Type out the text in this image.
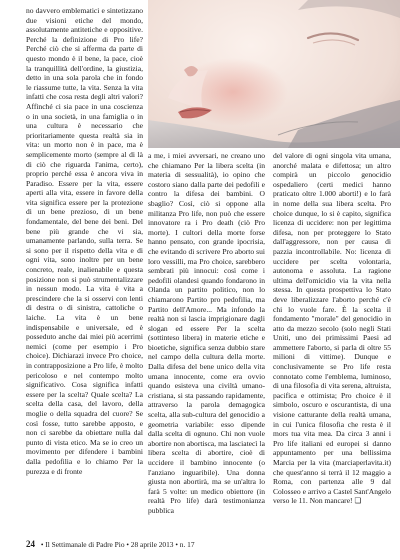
no davvero emblematici e sintetizzano due visioni etiche del mondo, assolutamente antitetiche e oppositive. Perché la definizione di Pro life? Perché ciò che si afferma da parte di questo mondo è il bene, la pace, cioè la tranquillità dell'ordine, la giustizia, detto in una sola parola che in fondo le riassume tutte, la vita. Senza la vita infatti che cosa resta degli altri valori? Affinché ci sia pace in una coscienza o in una società, in una famiglia o in una cultura è necessario che prioritariamente questa realtà sia in vita: un morto non è in pace, ma è semplicemente morto (sempre al di là di ciò che riguarda l'anima, certo), proprio perché essa è ancora viva in Paradiso. Essere per la vita, essere aperti alla vita, essere in favore della vita significa essere per la protezione di un bene prezioso, di un bene fondamentale, del bene dei beni. Del bene più grande che vi sia, umanamente parlando, sulla terra. Se si sono per il rispetto della vita e di ogni vita, sono inoltre per un bene concreto, reale, inalienabile e questa posizione non si può strumentalizzare in nessun modo. La vita è vita a prescindere che la si osservi con lenti di destra o di sinistra, cattoliche o laiche. La vita è un bene indispensabile e universale, ed è posseduto anche dai miei più acerrimi nemici (come per esempio i Pro choice). Dichiarazi invece Pro choice, in contrapposizione a Pro life, è molto pericoloso e nel contempo molto significativo. Cosa significa infatti essere per la scelta? Quale scelta? La scelta della casa, del lavoro, della moglie o della squadra del cuore? Se così fosse, tutto sarebbe apposto, e non ci sarebbe da obiettare nulla dal punto di vista etico. Ma se io creo un movimento per difendere i bambini dalla pedofilia e lo chiamo Per la purezza e di fronte

a me, i miei avversari, ne creano uno che chiamano Per la libera scelta (in materia di sessualità), io opino che costoro siano dalla parte dei pedofili e contro la difesa dei bambini. O sbaglio? Così, ciò si oppone alla militanza Pro life, non può che essere innovatore ra i Pro death (ciò Pro morte). I cultori della morte forse hanno pensato, con grande ipocrisia, che evitando di scrivere Pro aborto sui loro vessilli, ma Pro choice, sarebbero sembrati più innocui: così come i pedofili olandesi quando fondarono in Olanda un partito politico, non lo chiamarono Partito pro pedofilia, ma Partito dell'Amore... Ma infondo la realtà non si lascia imprigionare dagli slogan ed essere Per la scelta (sottinteso libera) in materie etiche e bioetiche, significa senza dubbio stare nel campo della cultura della morte. Dalla difesa del bene unico della vita umana innocente, come era ovvio quando esisteva una civiltà umano-cristiana, si sta passando rapidamente, attraverso la parola demagogica scelta, alla sub-cultura del genocidio a geometria variabile: esso dipende dalla scelta di ognuno. Chi non vuole abortire non abortisca, ma lasciatecì la libera scelta di abortire, cioè di uccidere il bambino innocente (o l'anziano inguaribile). Una donna giusta non abortirà, ma se un'altra lo farà 5 volte: un medico obiettore (in realtà Pro life) darà testimonianza pubblica

del valore di ogni singola vita umana, anorché malata e difettosa; un altro compirà un piccolo genocidio ospedaliero (certi medici hanno praticato oltre 1.000 aborti!) e lo farà in nome della sua libera scelta. Pro choice dunque, lo si è capito, significa licenza di uccidere: non per legittima difesa, non per proteggere lo Stato dall'aggressore, non per causa di pazzia incontrollabile. No: licenza di uccidere per scelta volontaria, autonoma e assoluta. La ragione ultima dell'omicidio via la vita nella stessa. In questa prospettiva lo Stato deve liberalizzare l'aborto perché c'è chi lo vuole fare. È la scelta il fondamento "morale" del genocidio in atto da mezzo secolo (solo negli Stati Uniti, uno dei primissimi Paesi ad ammettere l'aborto, si parla di oltre 55 milioni di vittime). Dunque e conclusivamente se Pro life resta connotato come l'emblema, luminoso, di una filosofia di vita serena, altruista, pacifica e ottimista; Pro choice è il simbolo, oscuro e oscurantista, di una visione catturante della realtà umana, in cui l'unica filosofia che resta è il mors tua vita mea. Da circa 3 anni i Pro life italiani ed europei si danno appuntamento per una bellissima Marcia per la vita (marciaperlavita.it) che quest'anno si terrà il 12 maggio a Roma, con partenza alle 9 dal Colosseo e arrivo a Castel Sant'Angelo verso le 11. Non mancare! ❏

24 • Il Settimanale di Padre Pio • 28 aprile 2013 • n. 17
